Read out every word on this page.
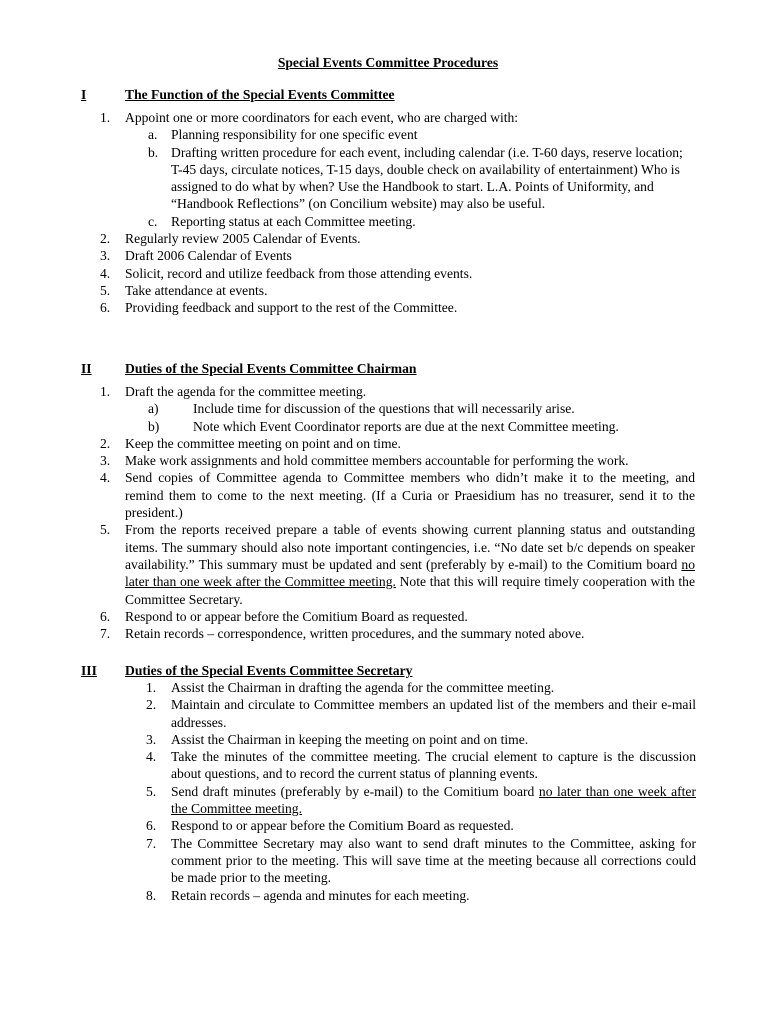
Special Events Committee Procedures
I	The Function of the Special Events Committee
1. Appoint one or more coordinators for each event, who are charged with:
a. Planning responsibility for one specific event
b. Drafting written procedure for each event, including calendar (i.e. T-60 days, reserve location; T-45 days, circulate notices, T-15 days, double check on availability of entertainment) Who is assigned to do what by when? Use the Handbook to start. L.A. Points of Uniformity, and “Handbook Reflections” (on Concilium website) may also be useful.
c. Reporting status at each Committee meeting.
2. Regularly review 2005 Calendar of Events.
3. Draft 2006 Calendar of Events
4. Solicit, record and utilize feedback from those attending events.
5. Take attendance at events.
6. Providing feedback and support to the rest of the Committee.
II Duties of the Special Events Committee Chairman
1. Draft the agenda for the committee meeting.
a)	Include time for discussion of the questions that will necessarily arise.
b) Note which Event Coordinator reports are due at the next Committee meeting.
2. Keep the committee meeting on point and on time.
3. Make work assignments and hold committee members accountable for performing the work.
4. Send copies of Committee agenda to Committee members who didn’t make it to the meeting, and remind them to come to the next meeting. (If a Curia or Praesidium has no treasurer, send it to the president.)
5. From the reports received prepare a table of events showing current planning status and outstanding items. The summary should also note important contingencies, i.e. “No date set b/c depends on speaker availability.” This summary must be updated and sent (preferably by e-mail) to the Comitium board no later than one week after the Committee meeting. Note that this will require timely cooperation with the Committee Secretary.
6. Respond to or appear before the Comitium Board as requested.
7. Retain records – correspondence, written procedures, and the summary noted above.
III Duties of the Special Events Committee Secretary
1. Assist the Chairman in drafting the agenda for the committee meeting.
2. Maintain and circulate to Committee members an updated list of the members and their e-mail addresses.
3. Assist the Chairman in keeping the meeting on point and on time.
4. Take the minutes of the committee meeting. The crucial element to capture is the discussion about questions, and to record the current status of planning events.
5. Send draft minutes (preferably by e-mail) to the Comitium board no later than one week after the Committee meeting.
6. Respond to or appear before the Comitium Board as requested.
7. The Committee Secretary may also want to send draft minutes to the Committee, asking for comment prior to the meeting. This will save time at the meeting because all corrections could be made prior to the meeting.
8. Retain records – agenda and minutes for each meeting.
